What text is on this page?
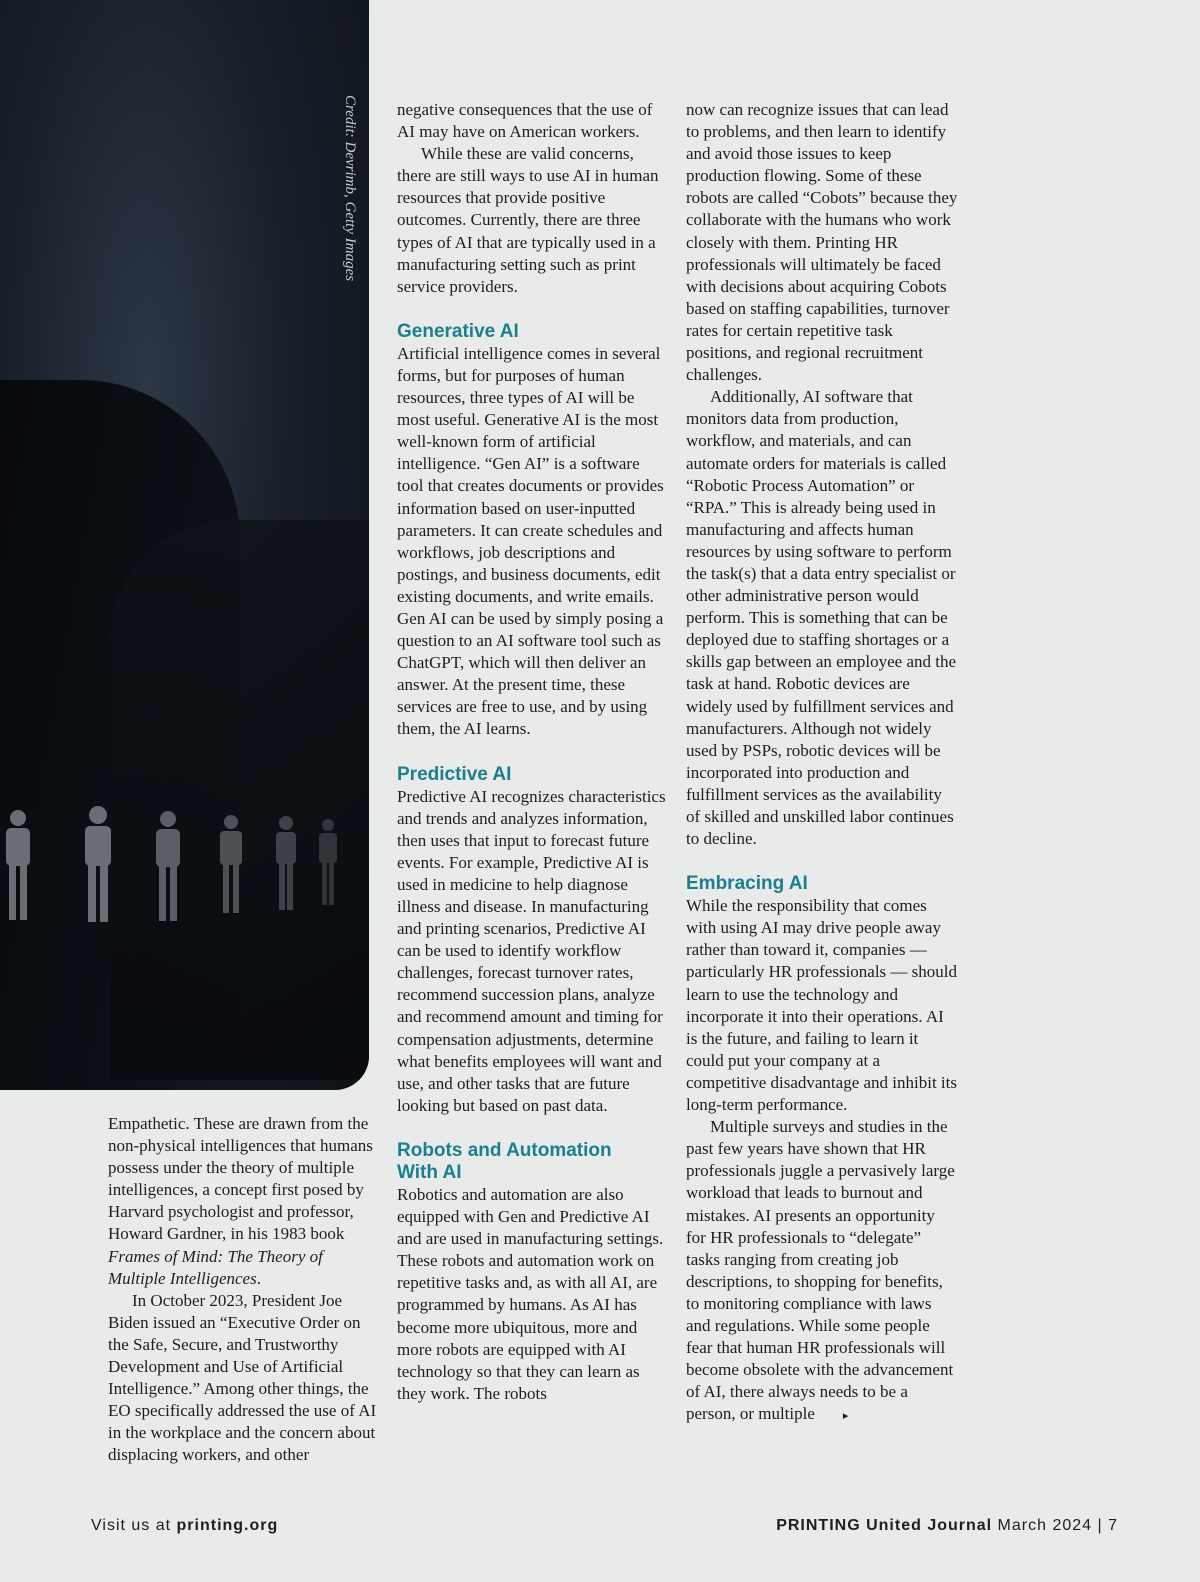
Credit: Devrimb, Getty Images

Empathetic. These are drawn from the non-physical intelligences that humans possess under the theory of multiple intelligences, a concept first posed by Harvard psychologist and professor, Howard Gardner, in his 1983 book Frames of Mind: The Theory of Multiple Intelligences.

In October 2023, President Joe Biden issued an “Executive Order on the Safe, Secure, and Trustworthy Development and Use of Artificial Intelligence.” Among other things, the EO specifically addressed the use of AI in the workplace and the concern about displacing workers, and other

negative consequences that the use of AI may have on American workers.

While these are valid concerns, there are still ways to use AI in human resources that provide positive outcomes. Currently, there are three types of AI that are typically used in a manufacturing setting such as print service providers.

Generative AI

Artificial intelligence comes in several forms, but for purposes of human resources, three types of AI will be most useful. Generative AI is the most well-known form of artificial intelligence. “Gen AI” is a software tool that creates documents or provides information based on user-inputted parameters. It can create schedules and workflows, job descriptions and postings, and business documents, edit existing documents, and write emails. Gen AI can be used by simply posing a question to an AI software tool such as ChatGPT, which will then deliver an answer. At the present time, these services are free to use, and by using them, the AI learns.

Predictive AI

Predictive AI recognizes characteristics and trends and analyzes information, then uses that input to forecast future events. For example, Predictive AI is used in medicine to help diagnose illness and disease. In manufacturing and printing scenarios, Predictive AI can be used to identify workflow challenges, forecast turnover rates, recommend succession plans, analyze and recommend amount and timing for compensation adjustments, determine what benefits employees will want and use, and other tasks that are future looking but based on past data.

Robots and Automation With AI

Robotics and automation are also equipped with Gen and Predictive AI and are used in manufacturing settings. These robots and automation work on repetitive tasks and, as with all AI, are programmed by humans. As AI has become more ubiquitous, more and more robots are equipped with AI technology so that they can learn as they work. The robots

now can recognize issues that can lead to problems, and then learn to identify and avoid those issues to keep production flowing. Some of these robots are called “Cobots” because they collaborate with the humans who work closely with them. Printing HR professionals will ultimately be faced with decisions about acquiring Cobots based on staffing capabilities, turnover rates for certain repetitive task positions, and regional recruitment challenges.

Additionally, AI software that monitors data from production, workflow, and materials, and can automate orders for materials is called “Robotic Process Automation” or “RPA.” This is already being used in manufacturing and affects human resources by using software to perform the task(s) that a data entry specialist or other administrative person would perform. This is something that can be deployed due to staffing shortages or a skills gap between an employee and the task at hand. Robotic devices are widely used by fulfillment services and manufacturers. Although not widely used by PSPs, robotic devices will be incorporated into production and fulfillment services as the availability of skilled and unskilled labor continues to decline.

Embracing AI

While the responsibility that comes with using AI may drive people away rather than toward it, companies — particularly HR professionals — should learn to use the technology and incorporate it into their operations. AI is the future, and failing to learn it could put your company at a competitive disadvantage and inhibit its long-term performance.

Multiple surveys and studies in the past few years have shown that HR professionals juggle a pervasively large workload that leads to burnout and mistakes. AI presents an opportunity for HR professionals to “delegate” tasks ranging from creating job descriptions, to shopping for benefits, to monitoring compliance with laws and regulations. While some people fear that human HR professionals will become obsolete with the advancement of AI, there always needs to be a person, or multiple	▸

Visit us at printing.org	PRINTING United Journal March 2024 | 7
